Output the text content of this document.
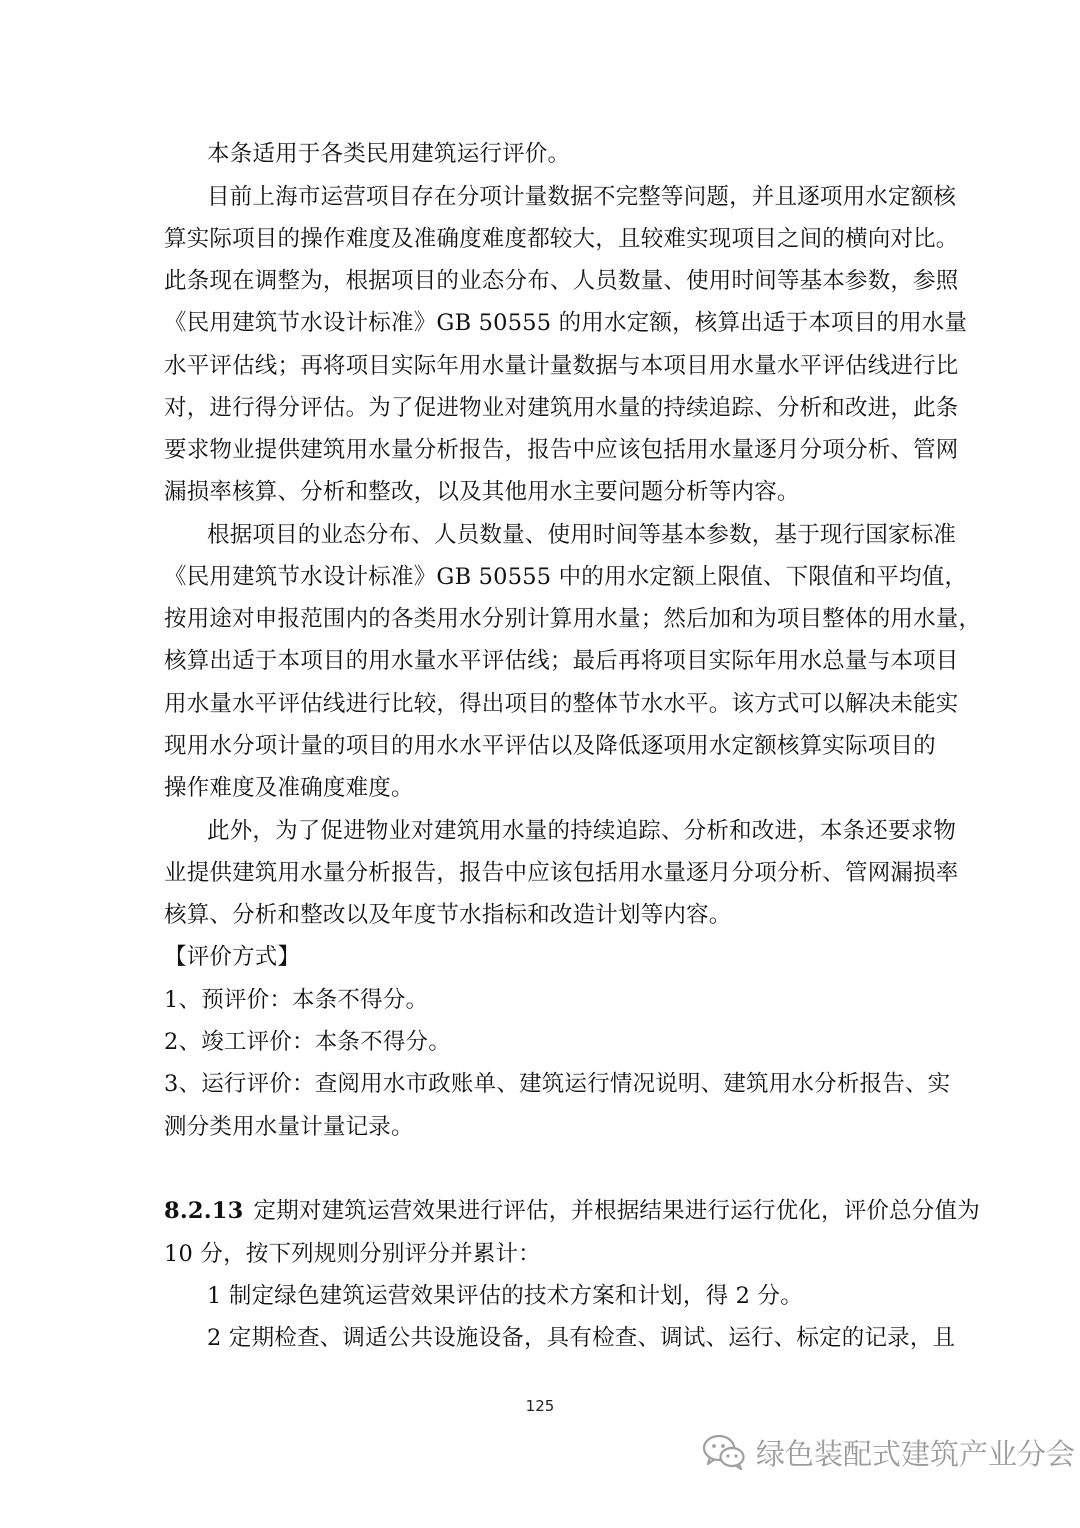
本条适用于各类民用建筑运行评价。
目前上海市运营项目存在分项计量数据不完整等问题，并且逐项用水定额核
算实际项目的操作难度及准确度难度都较大，且较难实现项目之间的横向对比。
此条现在调整为，根据项目的业态分布、人员数量、使用时间等基本参数，参照
《民用建筑节水设计标准》GB 50555 的用水定额，核算出适于本项目的用水量
水平评估线；再将项目实际年用水量计量数据与本项目用水量水平评估线进行比
对，进行得分评估。为了促进物业对建筑用水量的持续追踪、分析和改进，此条
要求物业提供建筑用水量分析报告，报告中应该包括用水量逐月分项分析、管网
漏损率核算、分析和整改，以及其他用水主要问题分析等内容。
根据项目的业态分布、人员数量、使用时间等基本参数，基于现行国家标准
《民用建筑节水设计标准》GB 50555 中的用水定额上限值、下限值和平均值，
按用途对申报范围内的各类用水分别计算用水量；然后加和为项目整体的用水量，
核算出适于本项目的用水量水平评估线；最后再将项目实际年用水总量与本项目
用水量水平评估线进行比较，得出项目的整体节水水平。该方式可以解决未能实
现用水分项计量的项目的用水水平评估以及降低逐项用水定额核算实际项目的
操作难度及准确度难度。
此外，为了促进物业对建筑用水量的持续追踪、分析和改进，本条还要求物
业提供建筑用水量分析报告，报告中应该包括用水量逐月分项分析、管网漏损率
核算、分析和整改以及年度节水指标和改造计划等内容。
【评价方式】
1、预评价：本条不得分。
2、竣工评价：本条不得分。
3、运行评价：查阅用水市政账单、建筑运行情况说明、建筑用水分析报告、实
测分类用水量计量记录。
8.2.13 定期对建筑运营效果进行评估，并根据结果进行运行优化，评价总分值为
10 分，按下列规则分别评分并累计：
1 制定绿色建筑运营效果评估的技术方案和计划，得 2 分。
2 定期检查、调适公共设施设备，具有检查、调试、运行、标定的记录，且
125
绿色装配式建筑产业分会
